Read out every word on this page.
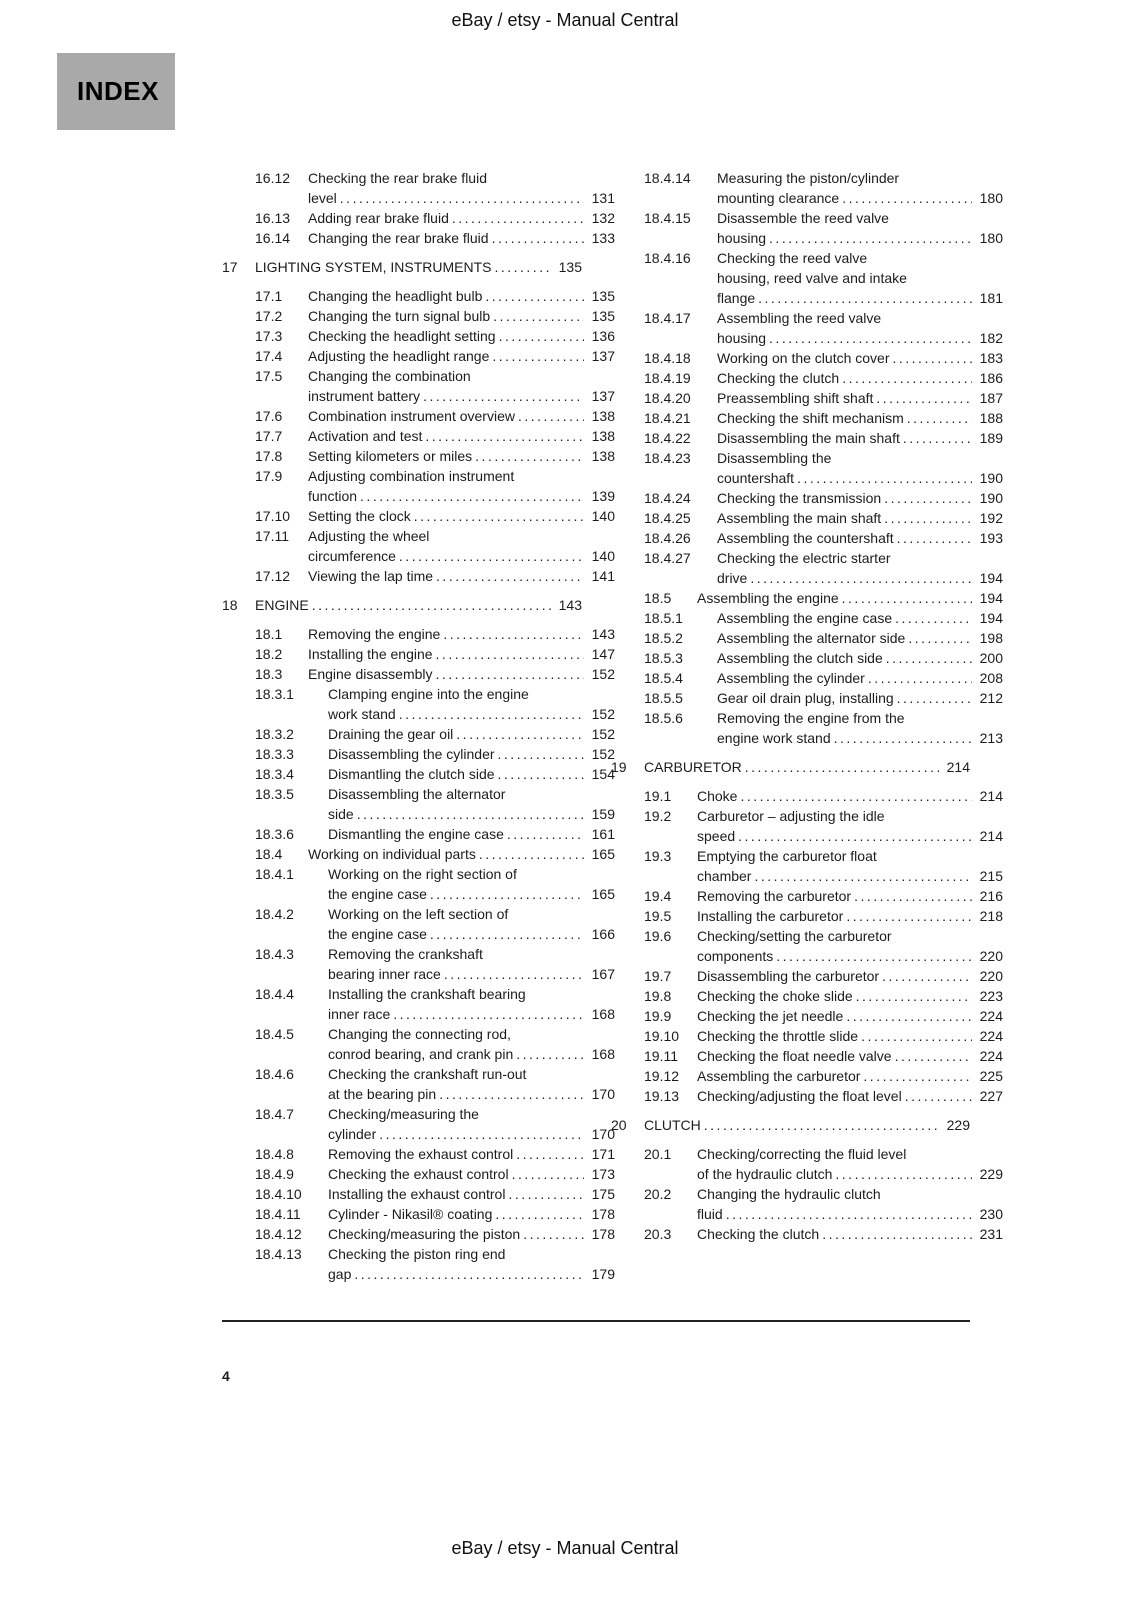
eBay / etsy - Manual Central
INDEX
16.12	Checking the rear brake fluid
level .....	131
16.13	Adding rear brake fluid .....	132
16.14	Changing the rear brake fluid .....	133
17	LIGHTING SYSTEM, INSTRUMENTS .....	135
17.1	Changing the headlight bulb .....	135
17.2	Changing the turn signal bulb .....	135
17.3	Checking the headlight setting .....	136
17.4	Adjusting the headlight range .....	137
17.5	Changing the combination
instrument battery .....	137
17.6	Combination instrument overview .....	138
17.7	Activation and test .....	138
17.8	Setting kilometers or miles .....	138
17.9	Adjusting combination instrument
function .....	139
17.10	Setting the clock .....	140
17.11	Adjusting the wheel
circumference .....	140
17.12	Viewing the lap time .....	141
18	ENGINE .....	143
18.1	Removing the engine .....	143
18.2	Installing the engine .....	147
18.3	Engine disassembly .....	152
18.3.1	Clamping engine into the engine
work stand .....	152
18.3.2	Draining the gear oil .....	152
18.3.3	Disassembling the cylinder .....	152
18.3.4	Dismantling the clutch side .....	154
18.3.5	Disassembling the alternator
side .....	159
18.3.6	Dismantling the engine case .....	161
18.4	Working on individual parts .....	165
18.4.1	Working on the right section of
the engine case .....	165
18.4.2	Working on the left section of
the engine case .....	166
18.4.3	Removing the crankshaft
bearing inner race .....	167
18.4.4	Installing the crankshaft bearing
inner race .....	168
18.4.5	Changing the connecting rod,
conrod bearing, and crank pin .....	168
18.4.6	Checking the crankshaft run-out
at the bearing pin .....	170
18.4.7	Checking/measuring the
cylinder .....	170
18.4.8	Removing the exhaust control .....	171
18.4.9	Checking the exhaust control .....	173
18.4.10	Installing the exhaust control .....	175
18.4.11	Cylinder - Nikasil® coating .....	178
18.4.12	Checking/measuring the piston .....	178
18.4.13	Checking the piston ring end
gap .....	179
18.4.14	Measuring the piston/cylinder
mounting clearance .....	180
18.4.15	Disassemble the reed valve
housing .....	180
18.4.16	Checking the reed valve
housing, reed valve and intake
flange .....	181
18.4.17	Assembling the reed valve
housing .....	182
18.4.18	Working on the clutch cover .....	183
18.4.19	Checking the clutch .....	186
18.4.20	Preassembling shift shaft .....	187
18.4.21	Checking the shift mechanism .....	188
18.4.22	Disassembling the main shaft .....	189
18.4.23	Disassembling the
countershaft .....	190
18.4.24	Checking the transmission .....	190
18.4.25	Assembling the main shaft .....	192
18.4.26	Assembling the countershaft .....	193
18.4.27	Checking the electric starter
drive .....	194
18.5	Assembling the engine .....	194
18.5.1	Assembling the engine case .....	194
18.5.2	Assembling the alternator side .....	198
18.5.3	Assembling the clutch side .....	200
18.5.4	Assembling the cylinder .....	208
18.5.5	Gear oil drain plug, installing .....	212
18.5.6	Removing the engine from the
engine work stand .....	213
19	CARBURETOR .....	214
19.1	Choke .....	214
19.2	Carburetor – adjusting the idle
speed .....	214
19.3	Emptying the carburetor float
chamber .....	215
19.4	Removing the carburetor .....	216
19.5	Installing the carburetor .....	218
19.6	Checking/setting the carburetor
components .....	220
19.7	Disassembling the carburetor .....	220
19.8	Checking the choke slide .....	223
19.9	Checking the jet needle .....	224
19.10	Checking the throttle slide .....	224
19.11	Checking the float needle valve .....	224
19.12	Assembling the carburetor .....	225
19.13	Checking/adjusting the float level .....	227
20	CLUTCH .....	229
20.1	Checking/correcting the fluid level
of the hydraulic clutch .....	229
20.2	Changing the hydraulic clutch
fluid .....	230
20.3	Checking the clutch .....	231
4
eBay / etsy - Manual Central
